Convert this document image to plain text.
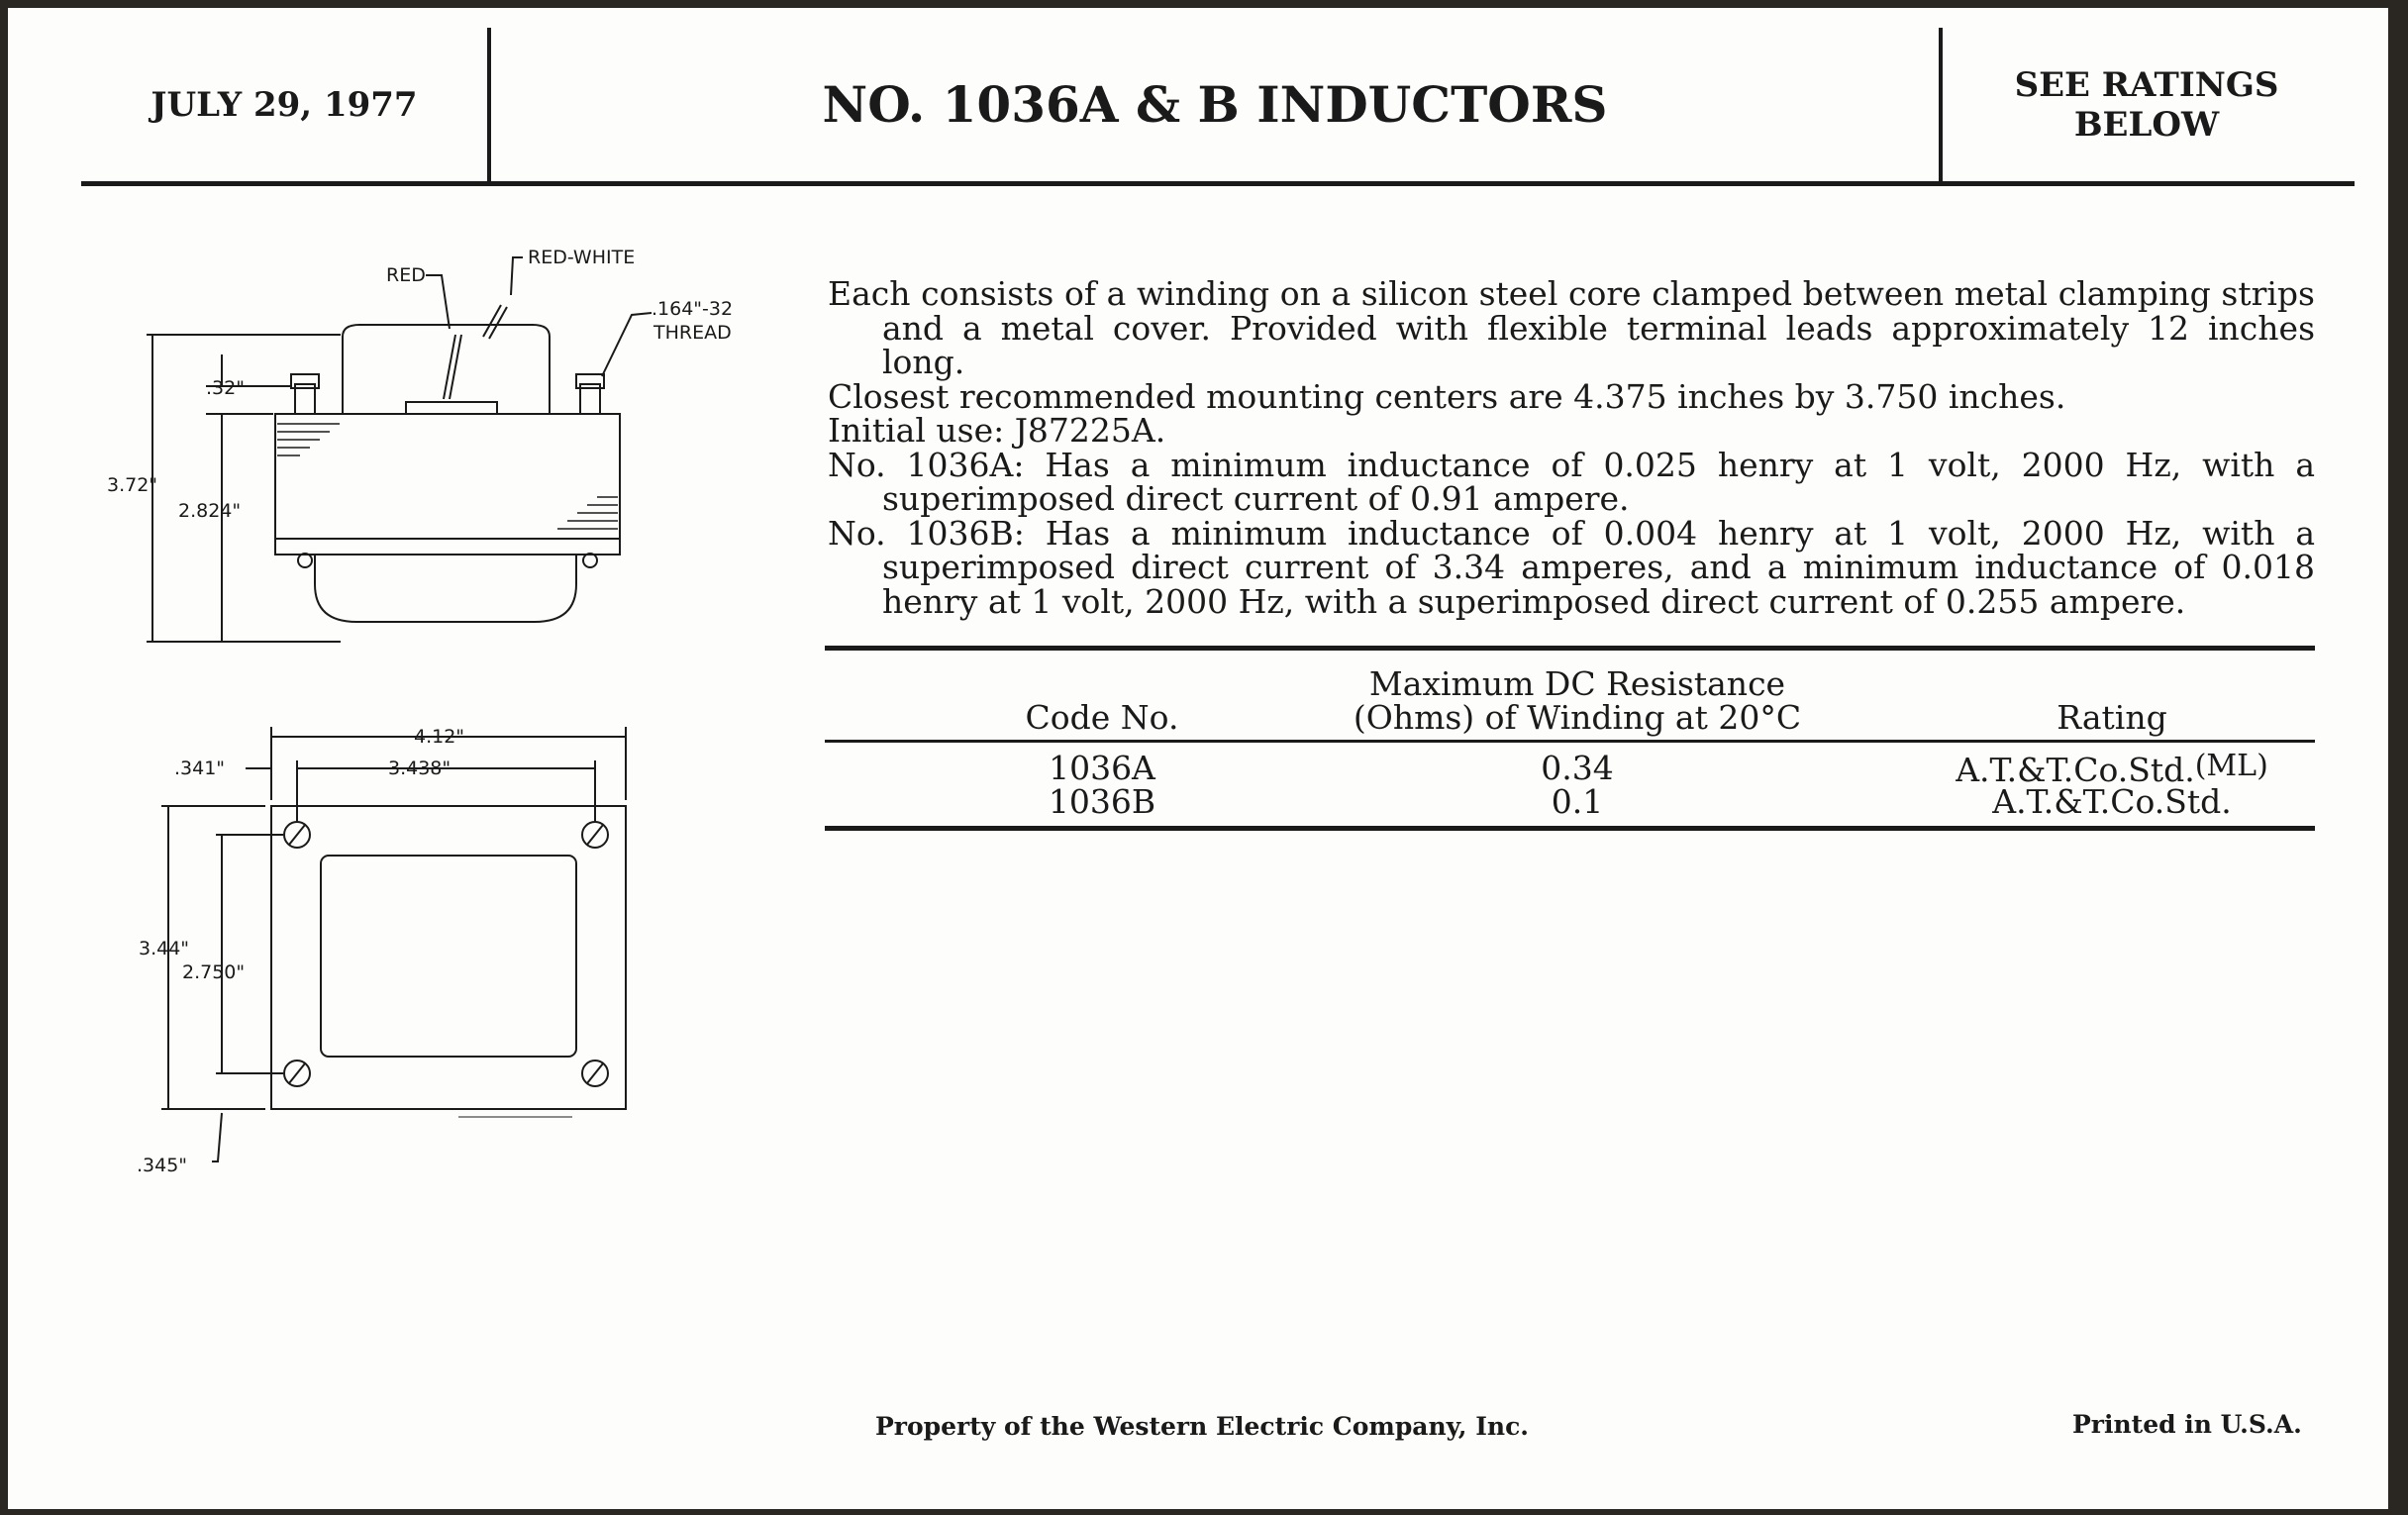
JULY 29, 1977	NO. 1036A & B INDUCTORS	SEE RATINGS
BELOW
RED
RED-WHITE
.164"-32
THREAD
.32"
3.72"
2.824"
4.12"
.341"	3.438"
3.44"
2.750"
.345"
Each consists of a winding on a silicon steel core clamped between metal clamping strips and a metal cover. Provided with flexible terminal leads approximately 12 inches long.
Closest recommended mounting centers are 4.375 inches by 3.750 inches.
Initial use: J87225A.
No. 1036A: Has a minimum inductance of 0.025 henry at 1 volt, 2000 Hz, with a superimposed direct current of 0.91 ampere.
No. 1036B: Has a minimum inductance of 0.004 henry at 1 volt, 2000 Hz, with a superimposed direct current of 3.34 amperes, and a minimum inductance of 0.018 henry at 1 volt, 2000 Hz, with a superimposed direct current of 0.255 ampere.
Maximum DC Resistance
Code No.	(Ohms) of Winding at 20°C	Rating
1036A	0.34	A.T.&T.Co.Std.$^{(ML)}$
1036B	0.1	A.T.&T.Co.Std.
Property of the Western Electric Company, Inc.	Printed in U.S.A.
